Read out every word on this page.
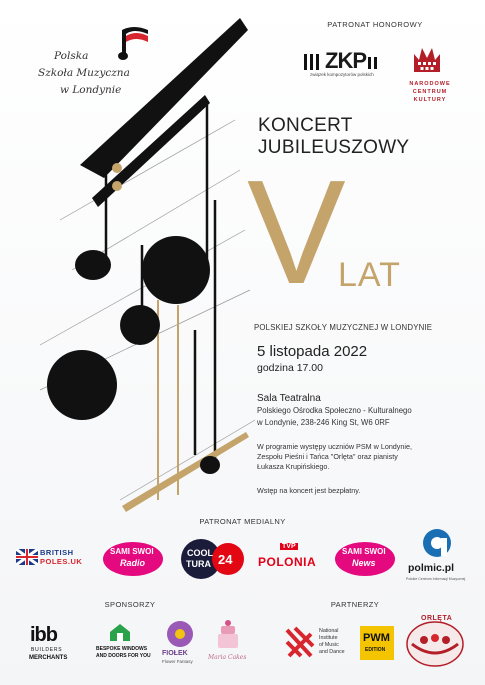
Polska
Szkoła Muzyczna
w Londynie
PATRONAT HONOROWY
ZKP
związek kompozytorów polskich
NARODOWE
CENTRUM
KULTURY
KONCERT
JUBILEUSZOWY
V
LAT
POLSKIEJ SZKOŁY MUZYCZNEJ W LONDYNIE
5 listopada 2022
godzina 17.00
Sala Teatralna
Polskiego Ośrodka Społeczno - Kulturalnego
w Londynie, 238-246 King St, W6 0RF
W programie występy uczniów PSM w Londynie,
Zespołu Pieśni i Tańca "Orlęta" oraz pianisty
Łukasza Krupińskiego.
Wstęp na koncert jest bezpłatny.
PATRONAT MEDIALNY
BRITISH
POLES.UK
SAMI SWOI
Radio
COOL
TURA 24
TVP
POLONIA
SAMI SWOI
News	polmic.pl
Polskie Centrum Informacji Muzycznej
SPONSORZY	PARTNERZY
ibb
BUILDERS
MERCHANTS
BESPOKE WINDOWS
AND DOORS FOR YOU FIOŁEK
Flower Fantasy
Maria Cakes
National
Institute
of Music
and Dance
PWM
EDITION
ORLĘTA
